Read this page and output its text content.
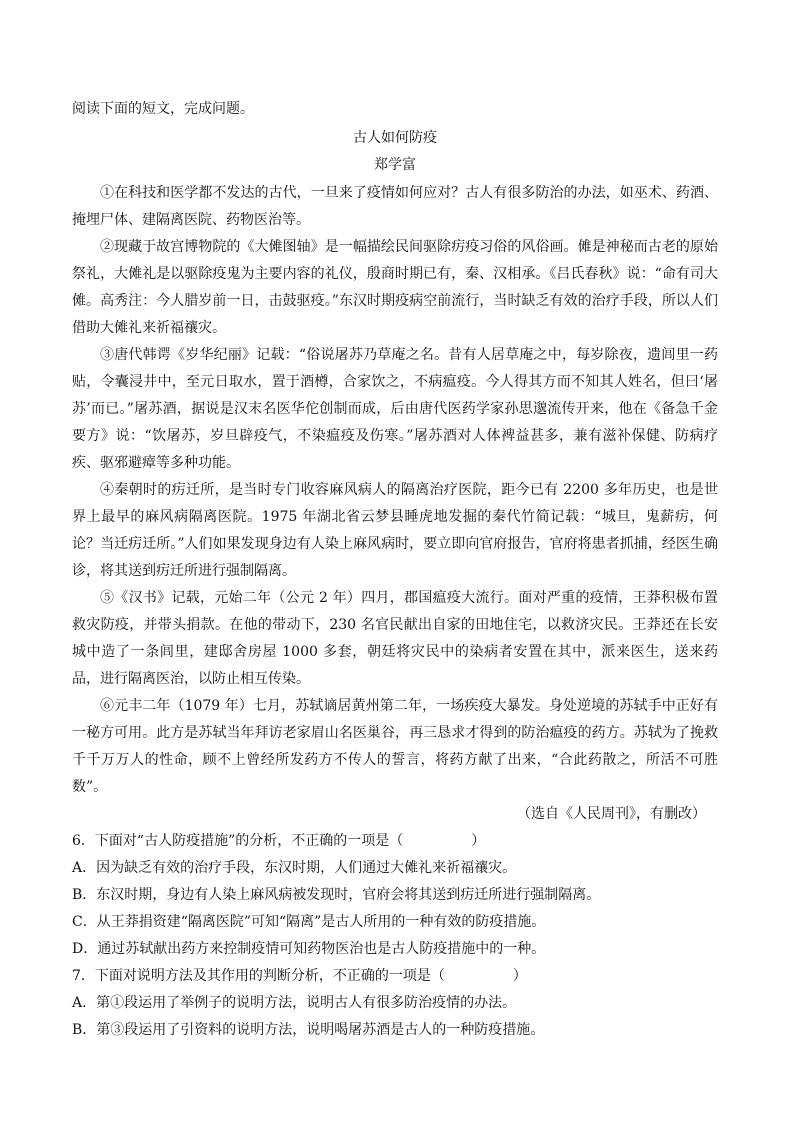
阅读下面的短文，完成问题。

古人如何防疫

郑学富

①在科技和医学都不发达的古代，一旦来了疫情如何应对？古人有很多防治的办法，如巫术、药酒、掩埋尸体、建隔离医院、药物医治等。

②现藏于故宫博物院的《大傩图轴》是一幅描绘民间驱除疠疫习俗的风俗画。傩是神秘而古老的原始祭礼，大傩礼是以驱除疫鬼为主要内容的礼仪，殷商时期已有，秦、汉相承。《吕氏春秋》说：“命有司大傩。高秀注：今人腊岁前一日，击鼓驱疫。”东汉时期疫病空前流行，当时缺乏有效的治疗手段，所以人们借助大傩礼来祈福禳灾。

③唐代韩谔《岁华纪丽》记载：“俗说屠苏乃草庵之名。昔有人居草庵之中，每岁除夜，遗闾里一药贴，令囊浸井中，至元日取水，置于酒樽，合家饮之，不病瘟疫。今人得其方而不知其人姓名，但曰‘屠苏’而已。”屠苏酒，据说是汉末名医华佗创制而成，后由唐代医药学家孙思邈流传开来，他在《备急千金要方》说：“饮屠苏，岁旦辟疫气，不染瘟疫及伤寒。”屠苏酒对人体裨益甚多，兼有滋补保健、防病疗疾、驱邪避瘴等多种功能。

④秦朝时的疠迁所，是当时专门收容麻风病人的隔离治疗医院，距今已有 2200 多年历史，也是世界上最早的麻风病隔离医院。1975 年湖北省云梦县睡虎地发掘的秦代竹简记载：“城旦，鬼薪疠，何论？当迁疠迁所。”人们如果发现身边有人染上麻风病时，要立即向官府报告，官府将患者抓捕，经医生确诊，将其送到疠迁所进行强制隔离。

⑤《汉书》记载，元始二年（公元 2 年）四月，郡国瘟疫大流行。面对严重的疫情，王莽积极布置救灾防疫，并带头捐款。在他的带动下，230 名官民献出自家的田地住宅，以救济灾民。王莽还在长安城中造了一条闾里，建邸舍房屋 1000 多套，朝廷将灾民中的染病者安置在其中，派来医生，送来药品，进行隔离医治，以防止相互传染。

⑥元丰二年（1079 年）七月，苏轼谪居黄州第二年，一场疾疫大暴发。身处逆境的苏轼手中正好有一秘方可用。此方是苏轼当年拜访老家眉山名医巢谷，再三恳求才得到的防治瘟疫的药方。苏轼为了挽救千千万万人的性命，顾不上曾经所发药方不传人的誓言，将药方献了出来，“合此药散之，所活不可胜数”。

（选自《人民周刊》，有删改）

6．下面对“古人防疫措施”的分析，不正确的一项是（	）

A．因为缺乏有效的治疗手段，东汉时期，人们通过大傩礼来祈福禳灾。

B．东汉时期，身边有人染上麻风病被发现时，官府会将其送到疠迁所进行强制隔离。

C．从王莽捐资建“隔离医院”可知“隔离”是古人所用的一种有效的防疫措施。

D．通过苏轼献出药方来控制疫情可知药物医治也是古人防疫措施中的一种。

7．下面对说明方法及其作用的判断分析，不正确的一项是（	）

A．第①段运用了举例子的说明方法，说明古人有很多防治疫情的办法。

B．第③段运用了引资料的说明方法，说明喝屠苏酒是古人的一种防疫措施。
